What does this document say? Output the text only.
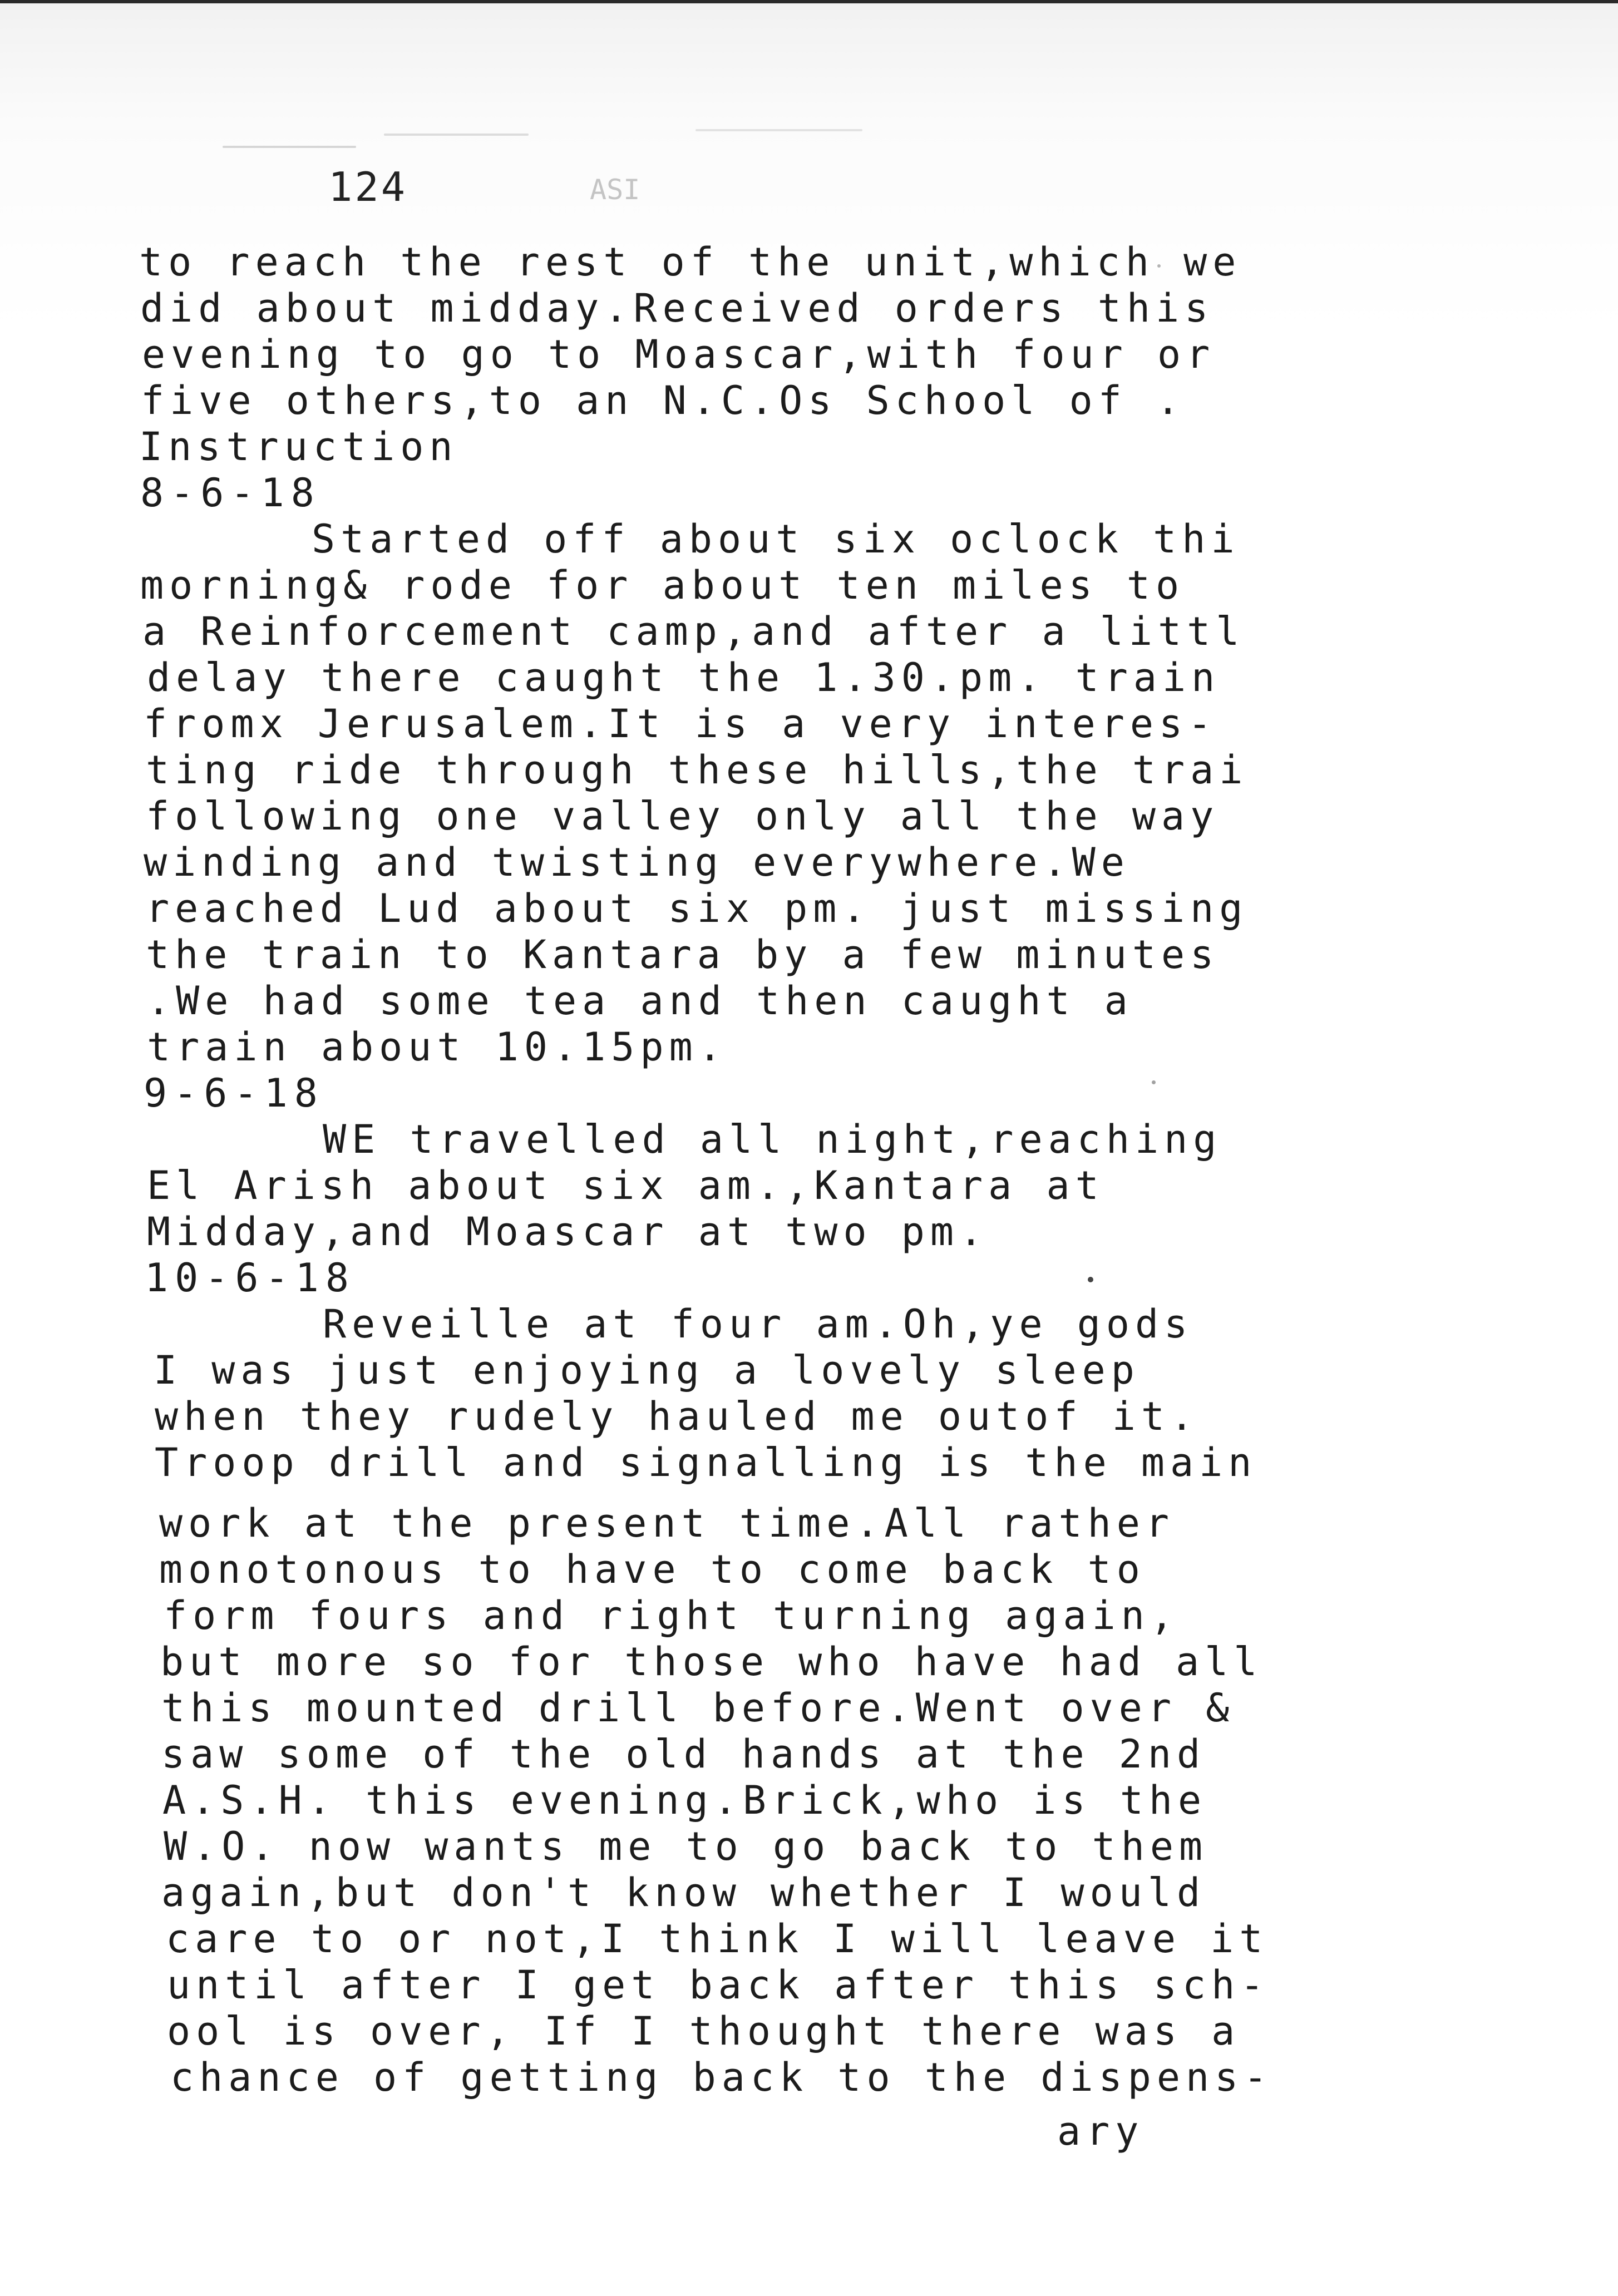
124	ASI
to reach the rest of the unit,which we
did about midday.Received orders this
evening to go to Moascar,with four or
five others,to an N.C.Os School of .
Instruction
8-6-18
Started off about six oclock thi
morning& rode for about ten miles to
a Reinforcement camp,and after a littl
delay there caught the 1.30.pm. train
fromx Jerusalem.It is a very interes-
ting ride through these hills,the trai
following one valley only all the way
winding and twisting everywhere.We
reached Lud about six pm. just missing
the train to Kantara by a few minutes
.We had some tea and then caught a
train about 10.15pm.
9-6-18
WE travelled all night,reaching
El Arish about six am.,Kantara at
Midday,and Moascar at two pm.
10-6-18
Reveille at four am.Oh,ye gods
I was just enjoying a lovely sleep
when they rudely hauled me outof it.
Troop drill and signalling is the main
work at the present time.All rather
monotonous to have to come back to
form fours and right turning again,
but more so for those who have had all
this mounted drill before.Went over &
saw some of the old hands at the 2nd
A.S.H. this evening.Brick,who is the
W.O. now wants me to go back to them
again,but don't know whether I would
care to or not,I think I will leave it
until after I get back after this sch-
ool is over, If I thought there was a
chance of getting back to the dispens-
ary
